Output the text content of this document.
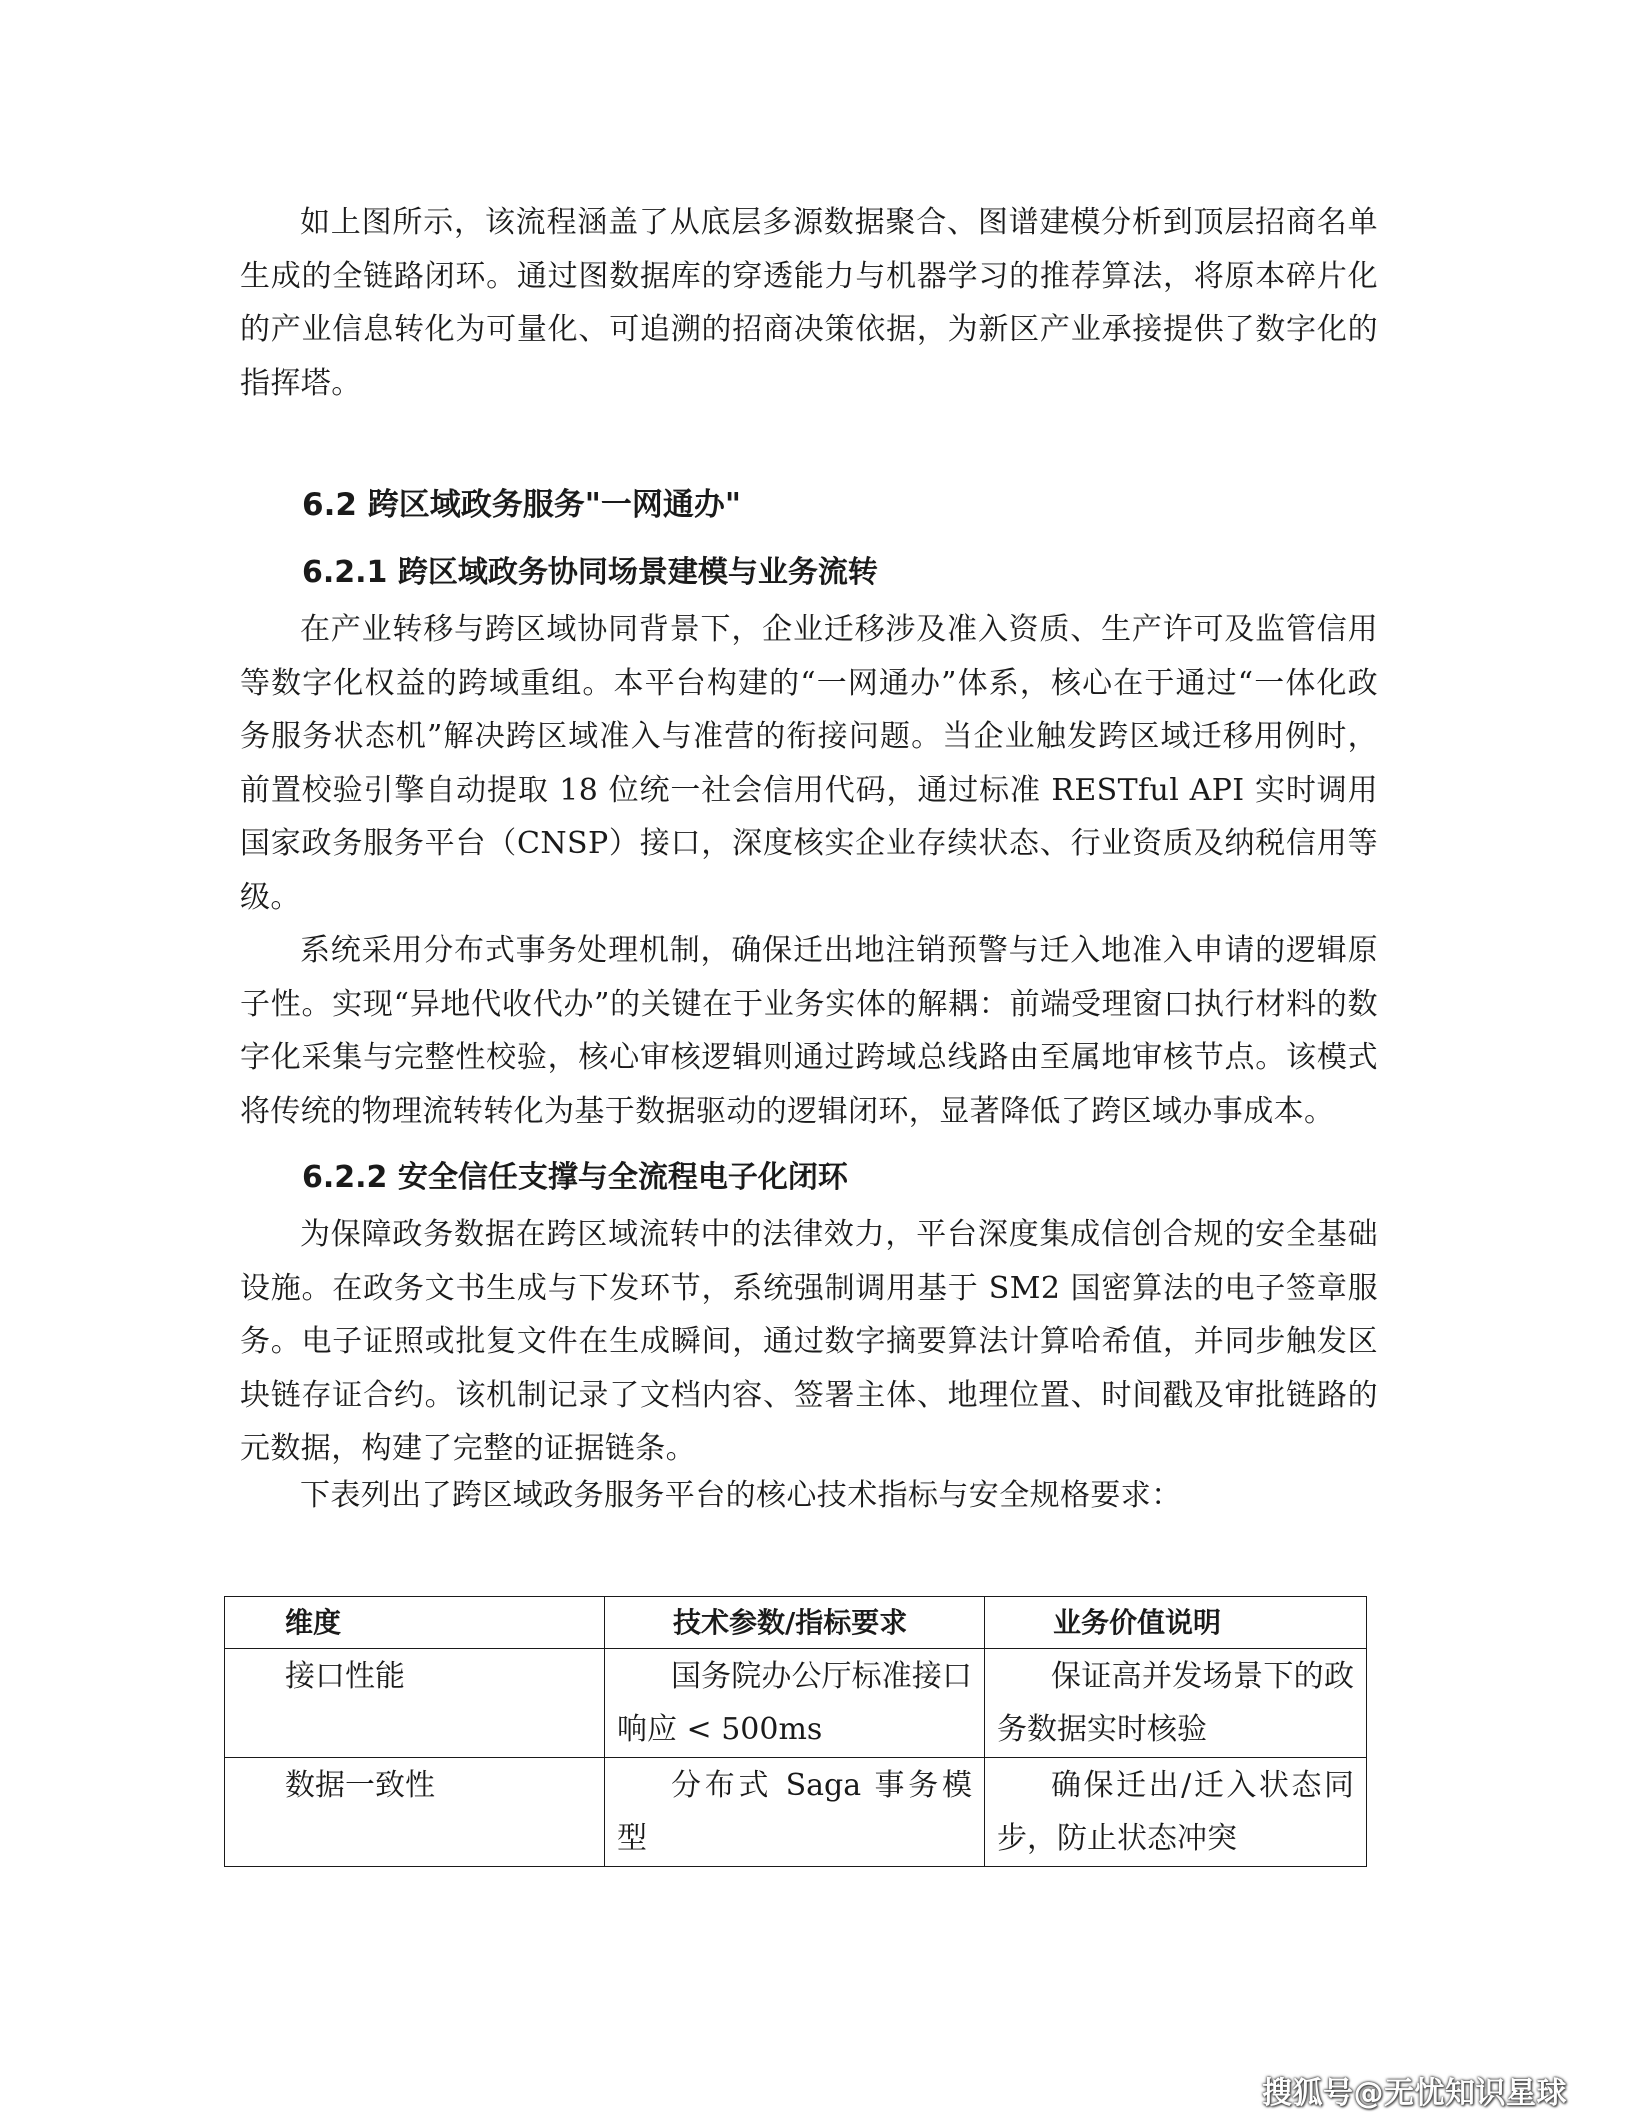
如上图所示，该流程涵盖了从底层多源数据聚合、图谱建模分析到顶层招商名单生成的全链路闭环。通过图数据库的穿透能力与机器学习的推荐算法，将原本碎片化的产业信息转化为可量化、可追溯的招商决策依据，为新区产业承接提供了数字化的指挥塔。

6.2 跨区域政务服务"一网通办"
6.2.1 跨区域政务协同场景建模与业务流转

在产业转移与跨区域协同背景下，企业迁移涉及准入资质、生产许可及监管信用等数字化权益的跨域重组。本平台构建的“一网通办”体系，核心在于通过“一体化政务服务状态机”解决跨区域准入与准营的衔接问题。当企业触发跨区域迁移用例时，前置校验引擎自动提取 18 位统一社会信用代码，通过标准 RESTful API 实时调用国家政务服务平台（CNSP）接口，深度核实企业存续状态、行业资质及纳税信用等级。

系统采用分布式事务处理机制，确保迁出地注销预警与迁入地准入申请的逻辑原子性。实现“异地代收代办”的关键在于业务实体的解耦：前端受理窗口执行材料的数字化采集与完整性校验，核心审核逻辑则通过跨域总线路由至属地审核节点。该模式将传统的物理流转转化为基于数据驱动的逻辑闭环，显著降低了跨区域办事成本。

6.2.2 安全信任支撑与全流程电子化闭环

为保障政务数据在跨区域流转中的法律效力，平台深度集成信创合规的安全基础设施。在政务文书生成与下发环节，系统强制调用基于 SM2 国密算法的电子签章服务。电子证照或批复文件在生成瞬间，通过数字摘要算法计算哈希值，并同步触发区块链存证合约。该机制记录了文档内容、签署主体、地理位置、时间戳及审批链路的元数据，构建了完整的证据链条。

下表列出了跨区域政务服务平台的核心技术指标与安全规格要求：

维度	技术参数/指标要求	业务价值说明
接口性能	国务院办公厅标准接口响应 < 500ms	保证高并发场景下的政务数据实时核验
数据一致性	分布式 Saga 事务模型	确保迁出/迁入状态同步，防止状态冲突
搜狐号@无忧知识星球
